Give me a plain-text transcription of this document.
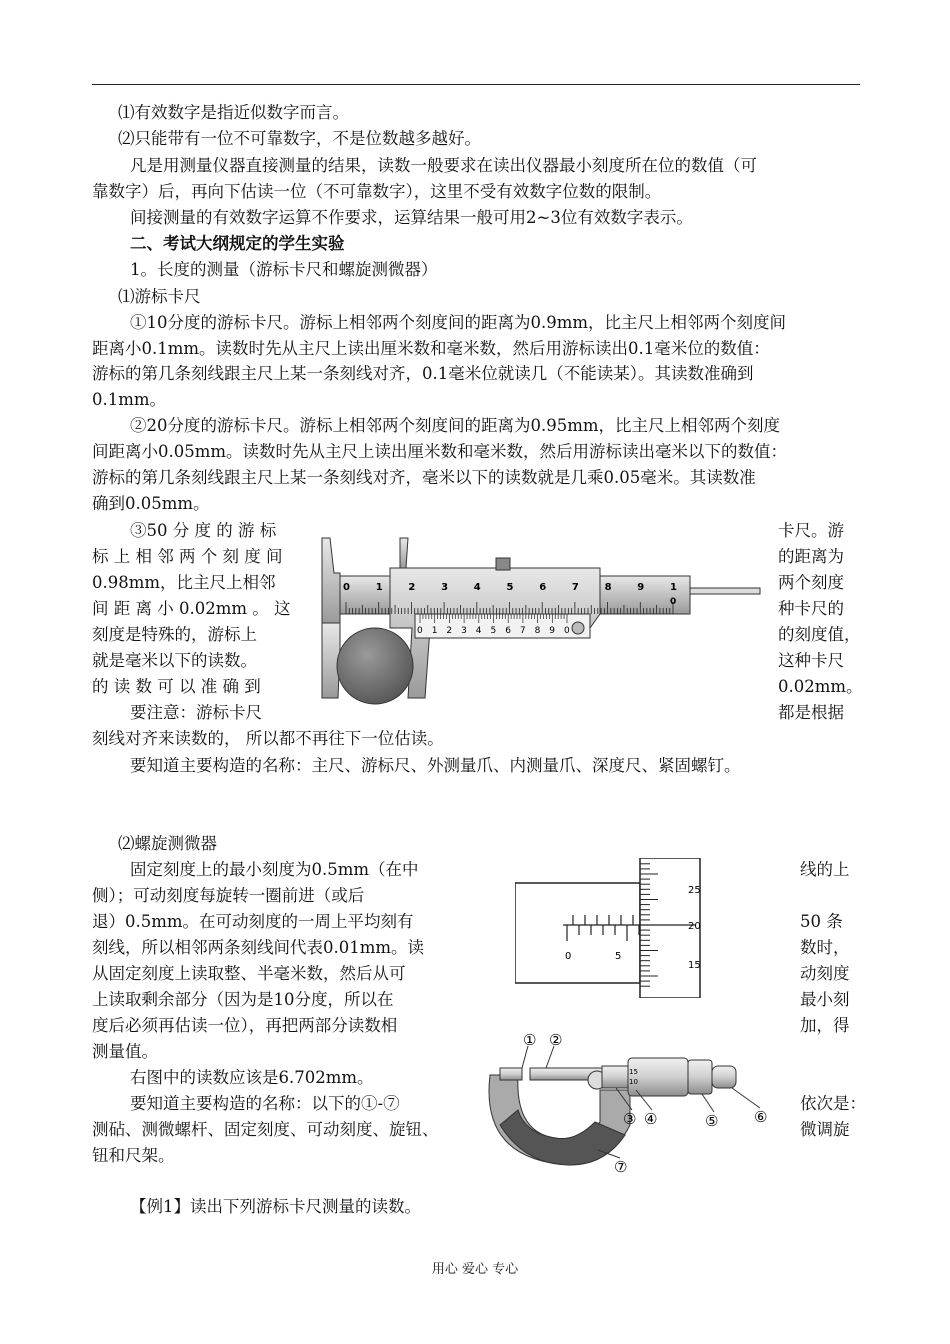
⑴有效数字是指近似数字而言。
⑵只能带有一位不可靠数字，不是位数越多越好。
凡是用测量仪器直接测量的结果，读数一般要求在读出仪器最小刻度所在位的数值（可
靠数字）后，再向下估读一位（不可靠数字），这里不受有效数字位数的限制。
间接测量的有效数字运算不作要求，运算结果一般可用2~3位有效数字表示。
二、考试大纲规定的学生实验
1。长度的测量（游标卡尺和螺旋测微器）
⑴游标卡尺
①10分度的游标卡尺。游标上相邻两个刻度间的距离为0.9mm，比主尺上相邻两个刻度间
距离小0.1mm。读数时先从主尺上读出厘米数和毫米数，然后用游标读出0.1毫米位的数值：
游标的第几条刻线跟主尺上某一条刻线对齐，0.1毫米位就读几（不能读某）。其读数准确到
0.1mm。
②20分度的游标卡尺。游标上相邻两个刻度间的距离为0.95mm，比主尺上相邻两个刻度
间距离小0.05mm。读数时先从主尺上读出厘米数和毫米数，然后用游标读出毫米以下的数值：
游标的第几条刻线跟主尺上某一条刻线对齐，毫米以下的读数就是几乘0.05毫米。其读数准
确到0.05mm。
③50 分 度 的 游 标
标 上 相 邻 两 个 刻 度 间
0.98mm，比主尺上相邻
间 距 离 小 0.02mm 。 这
刻度是特殊的，游标上
就是毫米以下的读数。
的 读 数 可 以 准 确 到
要注意：游标卡尺
卡尺。游
的距离为
两个刻度
种卡尺的
的刻度值，
这种卡尺
0.02mm。
都是根据
刻线对齐来读数的， 所以都不再往下一位估读。
要知道主要构造的名称：主尺、游标尺、外测量爪、内测量爪、深度尺、紧固螺钉。
0	1	2	3	4	5	6	7	8	9	1
0
0 1 2 3 4 5 6 7 8 9 0
⑵螺旋测微器
固定刻度上的最小刻度为0.5mm（在中
侧）；可动刻度每旋转一圈前进（或后
退）0.5mm。在可动刻度的一周上平均刻有
刻线，所以相邻两条刻线间代表0.01mm。读
从固定刻度上读取整、半毫米数，然后从可
上读取剩余部分（因为是10分度，所以在
度后必须再估读一位），再把两部分读数相
测量值。
右图中的读数应该是6.702mm。
要知道主要构造的名称：以下的①-⑦
测砧、测微螺杆、固定刻度、可动刻度、旋钮、
钮和尺架。
线的上
50 条
数时，
动刻度
最小刻
加，得
依次是：
微调旋
25
20
15
0	5
15
10
① ②
③ ④	⑤ ⑥
⑦
【例1】读出下列游标卡尺测量的读数。
用心 爱心 专心
